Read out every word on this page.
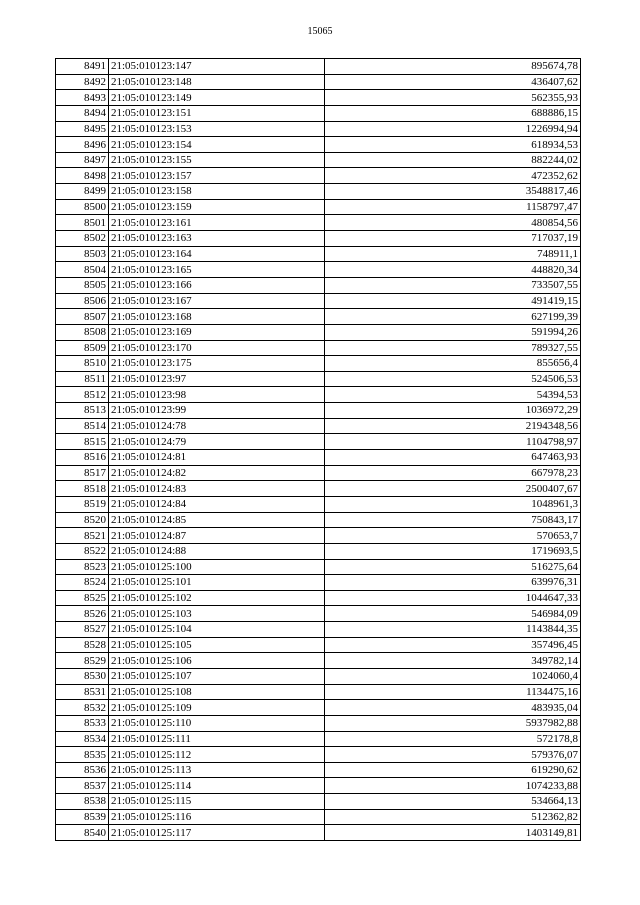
15065
8491	21:05:010123:147	895674,78
8492	21:05:010123:148	436407,62
8493	21:05:010123:149	562355,93
8494	21:05:010123:151	688886,15
8495	21:05:010123:153	1226994,94
8496	21:05:010123:154	618934,53
8497	21:05:010123:155	882244,02
8498	21:05:010123:157	472352,62
8499	21:05:010123:158	3548817,46
8500	21:05:010123:159	1158797,47
8501	21:05:010123:161	480854,56
8502	21:05:010123:163	717037,19
8503	21:05:010123:164	748911,1
8504	21:05:010123:165	448820,34
8505	21:05:010123:166	733507,55
8506	21:05:010123:167	491419,15
8507	21:05:010123:168	627199,39
8508	21:05:010123:169	591994,26
8509	21:05:010123:170	789327,55
8510	21:05:010123:175	855656,4
8511	21:05:010123:97	524506,53
8512	21:05:010123:98	54394,53
8513	21:05:010123:99	1036972,29
8514	21:05:010124:78	2194348,56
8515	21:05:010124:79	1104798,97
8516	21:05:010124:81	647463,93
8517	21:05:010124:82	667978,23
8518	21:05:010124:83	2500407,67
8519	21:05:010124:84	1048961,3
8520	21:05:010124:85	750843,17
8521	21:05:010124:87	570653,7
8522	21:05:010124:88	1719693,5
8523	21:05:010125:100	516275,64
8524	21:05:010125:101	639976,31
8525	21:05:010125:102	1044647,33
8526	21:05:010125:103	546984,09
8527	21:05:010125:104	1143844,35
8528	21:05:010125:105	357496,45
8529	21:05:010125:106	349782,14
8530	21:05:010125:107	1024060,4
8531	21:05:010125:108	1134475,16
8532	21:05:010125:109	483935,04
8533	21:05:010125:110	5937982,88
8534	21:05:010125:111	572178,8
8535	21:05:010125:112	579376,07
8536	21:05:010125:113	619290,62
8537	21:05:010125:114	1074233,88
8538	21:05:010125:115	534664,13
8539	21:05:010125:116	512362,82
8540	21:05:010125:117	1403149,81
